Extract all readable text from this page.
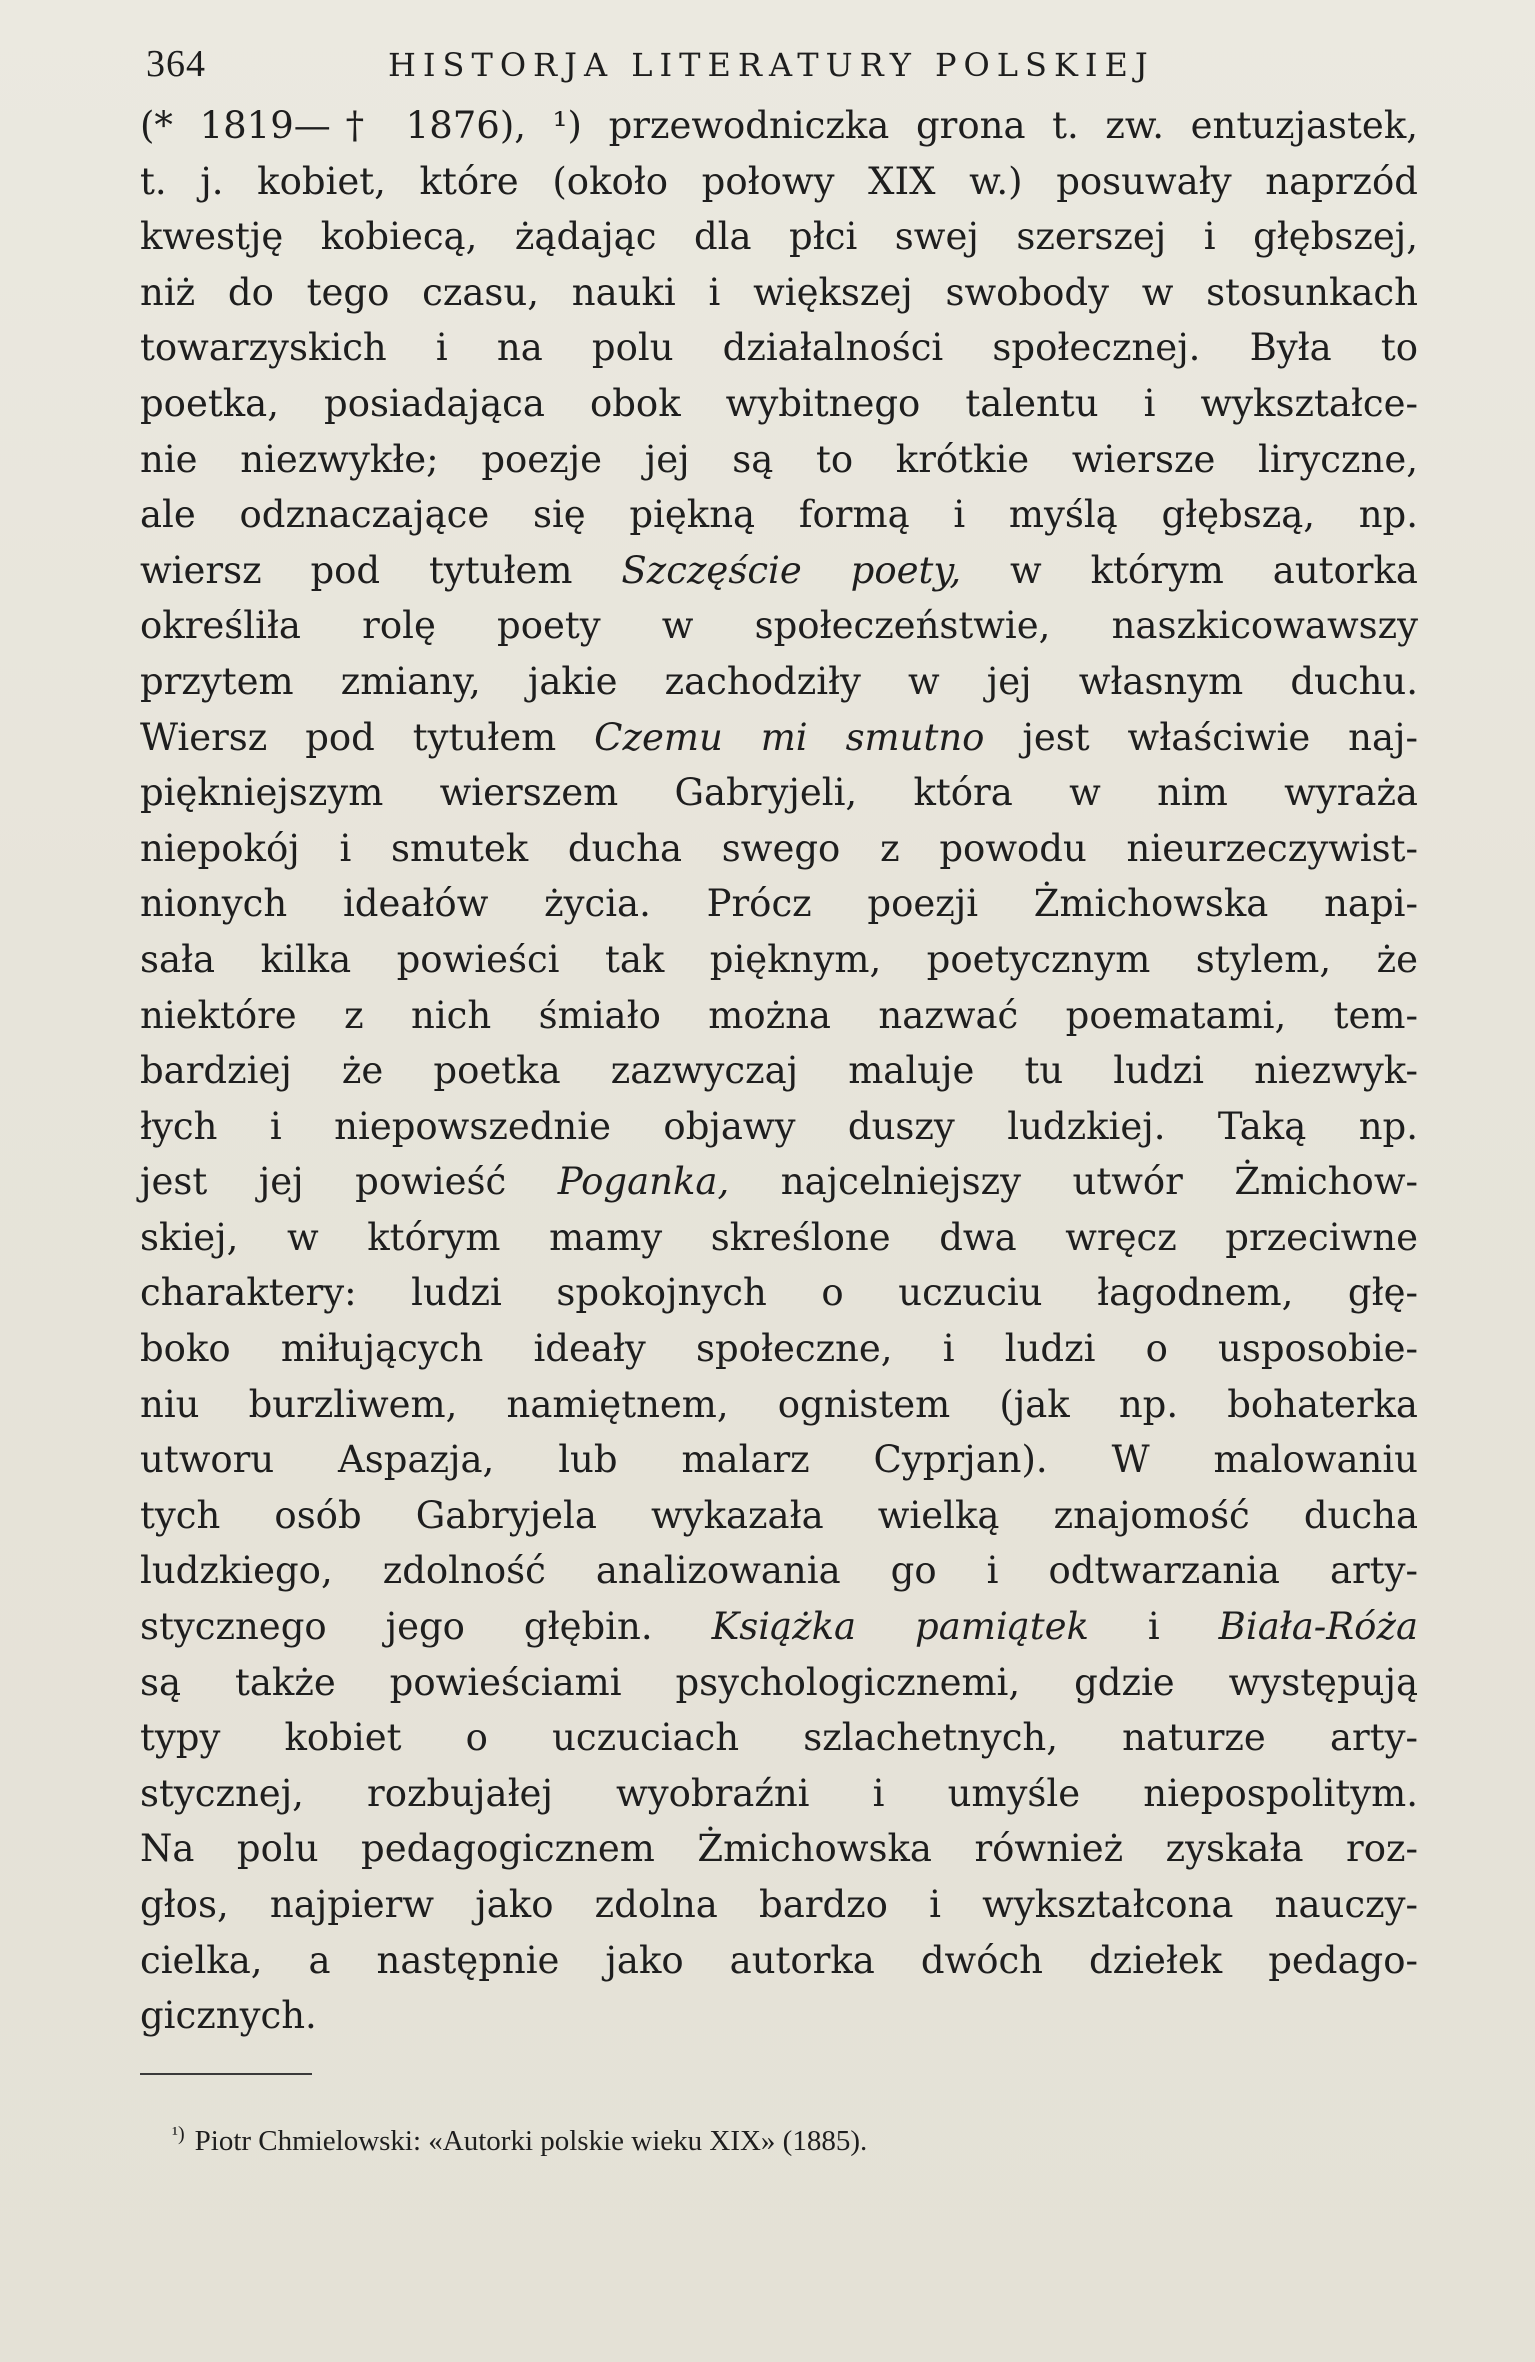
364	HISTORJA LITERATURY POLSKIEJ
(* 1819—† 1876), ¹) przewodniczka grona t. zw. entuzjastek,
t. j. kobiet, które (około połowy XIX w.) posuwały naprzód
kwestję kobiecą, żądając dla płci swej szerszej i głębszej,
niż do tego czasu, nauki i większej swobody w stosunkach
towarzyskich i na polu działalności społecznej. Była to
poetka, posiadająca obok wybitnego talentu i wykształce-
nie niezwykłe; poezje jej są to krótkie wiersze liryczne,
ale odznaczające się piękną formą i myślą głębszą, np.
wiersz pod tytułem Szczęście poety, w którym autorka
określiła rolę poety w społeczeństwie, naszkicowawszy
przytem zmiany, jakie zachodziły w jej własnym duchu.
Wiersz pod tytułem Czemu mi smutno jest właściwie naj-
piękniejszym wierszem Gabryjeli, która w nim wyraża
niepokój i smutek ducha swego z powodu nieurzeczywist-
nionych ideałów życia. Prócz poezji Żmichowska napi-
sała kilka powieści tak pięknym, poetycznym stylem, że
niektóre z nich śmiało można nazwać poematami, tem-
bardziej że poetka zazwyczaj maluje tu ludzi niezwyk-
łych i niepowszednie objawy duszy ludzkiej. Taką np.
jest jej powieść Poganka, najcelniejszy utwór Żmichow-
skiej, w którym mamy skreślone dwa wręcz przeciwne
charaktery: ludzi spokojnych o uczuciu łagodnem, głę-
boko miłujących ideały społeczne, i ludzi o usposobie-
niu burzliwem, namiętnem, ognistem (jak np. bohaterka
utworu Aspazja, lub malarz Cyprjan). W malowaniu
tych osób Gabryjela wykazała wielką znajomość ducha
ludzkiego, zdolność analizowania go i odtwarzania arty-
stycznego jego głębin. Książka pamiątek i Biała-Róża
są także powieściami psychologicznemi, gdzie występują
typy kobiet o uczuciach szlachetnych, naturze arty-
stycznej, rozbujałej wyobraźni i umyśle niepospolitym.
Na polu pedagogicznem Żmichowska również zyskała roz-
głos, najpierw jako zdolna bardzo i wykształcona nauczy-
cielka, a następnie jako autorka dwóch dziełek pedago-
gicznych.
$^{^1)}$ Piotr Chmielowski: «Autorki polskie wieku XIX» (1885).
